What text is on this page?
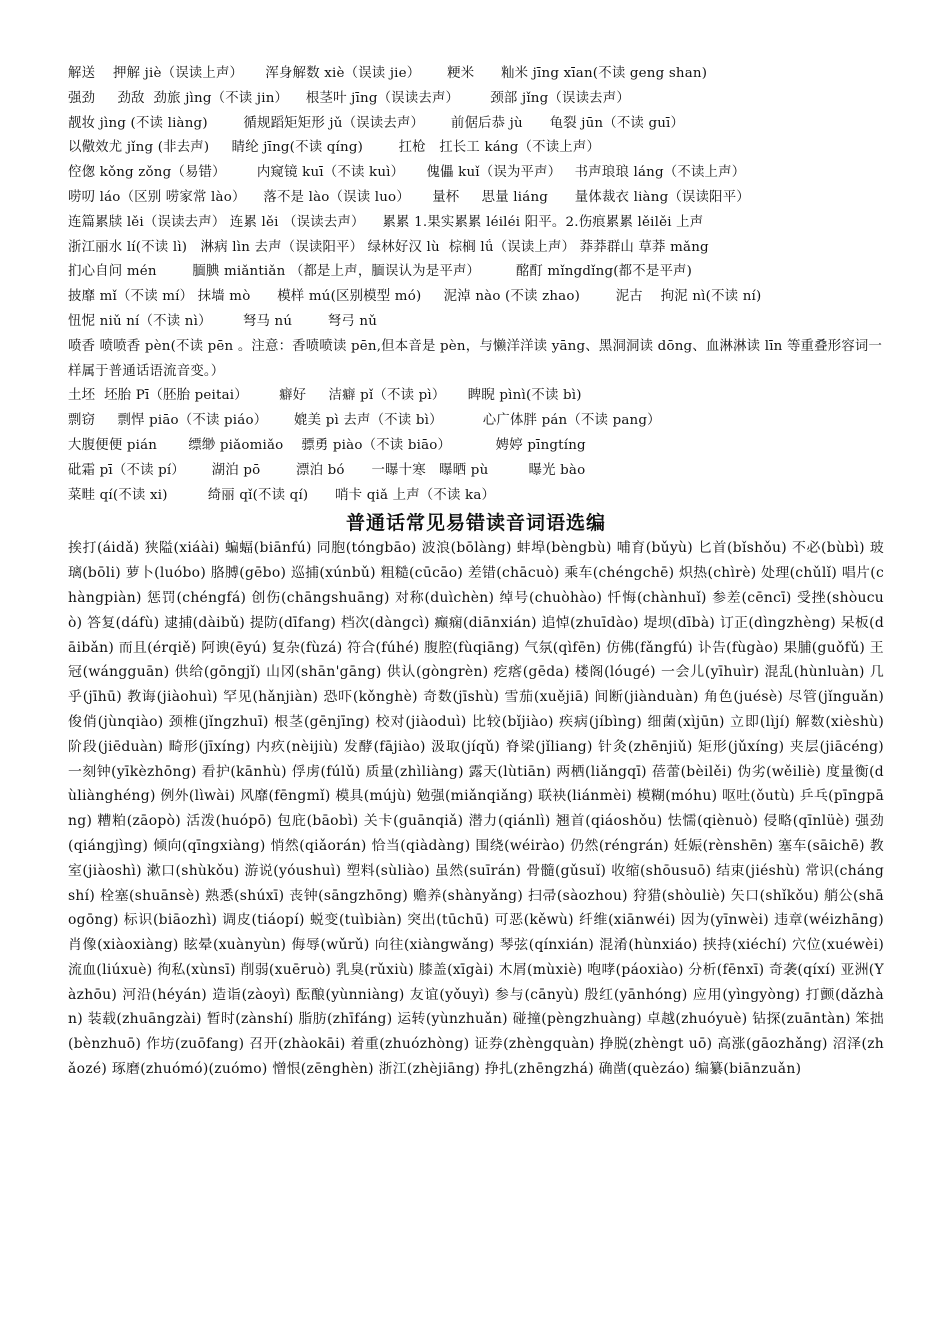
解送    押解 jiè（误读上声）     浑身解数 xiè（误读 jie）      粳米      籼米 jīng xīan(不读 geng shan)

强劲     劲敌  劲旅 jìng（不读 jin）    根茎叶 jīng（误读去声）       颈部 jǐng（误读去声）

靓妆 jìng (不读 liàng)        循规蹈矩矩形 jǔ（误读去声）      前倨后恭 jù      龟裂 jūn（不读 guī）

以儆效尤 jǐng (非去声)     睛纶 jīng(不读 qíng)        扛枪   扛长工 káng（不读上声）

倥偬 kǒng zǒng（易错）       内窥镜 kuī（不读 kuì）     傀儡 kuǐ（误为平声）   书声琅琅 láng（不读上声）

唠叨 láo（区别 唠家常 lào）    落不是 lào（误读 luo）     量杯     思量 liáng      量体裁衣 liàng（误读阳平）

连篇累牍 lěi（误读去声） 连累 lěi （误读去声）    累累 1.果实累累 léiléi 阳平。2.伤痕累累 lěilěi 上声

浙江丽水 lí(不读 lì)   淋病 lìn 去声（误读阳平） 绿林好汉 lù  棕榈 lǘ（误读上声） 莽莽群山 草莽 mǎng

扪心自问 mén        腼腆 miǎntiǎn （都是上声，腼误认为是平声）        酩酊 mǐngdǐng(都不是平声)

披靡 mǐ（不读 mí） 抹墙 mò      模样 mú(区别模型 mó)     泥淖 nào (不读 zhao)        泥古    拘泥 nì(不读 ní)

忸怩 niǔ ní（不读 nì）       弩马 nú        弩弓 nǔ

喷香 喷喷香 pèn(不读 pēn 。注意：香喷喷读 pēn,但本音是 pèn，与懒洋洋读 yāng、黑洞洞读 dōng、血淋淋读 līn 等重叠形容词一样属于普通话语流音变。）

土坯  坯胎 Pī（胚胎 peitai）       癖好     洁癖 pǐ（不读 pì）     睥睨 pìnì(不读 bì)

剽窃     剽悍 piāo（不读 piáo）      媲美 pì 去声（不读 bì）         心广体胖 pán（不读 pang）

大腹便便 pián       缥缈 piǎomiǎo    骠勇 piào（不读 biāo）          娉婷 pīngtíng

砒霜 pī（不读 pí）      湖泊 pō        漂泊 bó      一曝十寒   曝晒 pù         曝光 bào

菜畦 qí(不读 xi)         绮丽 qǐ(不读 qí)      哨卡 qiǎ 上声（不读 ka）

普通话常见易错读音词语选编

挨打(áidǎ) 狭隘(xiáài) 蝙蝠(biānfú) 同胞(tóngbāo) 波浪(bōlàng) 蚌埠(bèngbù) 哺育(bǔyù) 匕首(bǐshǒu) 不必(bùbì) 玻璃(bōli) 萝卜(luóbo) 胳膊(gēbo) 巡捕(xúnbǔ) 粗糙(cūcāo) 差错(chācuò) 乘车(chéngchē) 炽热(chìrè) 处理(chǔlǐ) 唱片(chàngpiàn) 惩罚(chéngfá) 创伤(chāngshuāng) 对称(duìchèn) 绰号(chuòhào) 忏悔(chànhuǐ) 参差(cēncī) 受挫(shòucuò) 答复(dáfù) 逮捕(dàibǔ) 提防(dīfang) 档次(dàngcì) 癫痫(diānxián) 追悼(zhuīdào) 堤坝(dībà) 订正(dìngzhèng) 呆板(dāibǎn) 而且(érqiě) 阿谀(ēyú) 复杂(fùzá) 符合(fúhé) 腹腔(fùqiāng) 气氛(qìfēn) 仿佛(fǎngfú) 讣告(fùgào) 果脯(guǒfǔ) 王冠(wángguān) 供给(gōngjǐ) 山冈(shān'gāng) 供认(gòngrèn) 疙瘩(gēda) 楼阁(lóugé) 一会儿(yīhuìr) 混乱(hùnluàn) 几乎(jīhū) 教诲(jiàohuì) 罕见(hǎnjiàn) 恐吓(kǒnghè) 奇数(jīshù) 雪茄(xuějiā) 间断(jiànduàn) 角色(juésè) 尽管(jǐnguǎn) 俊俏(jùnqiào) 颈椎(jǐngzhuī) 根茎(gēnjīng) 校对(jiàoduì) 比较(bǐjiào) 疾病(jíbìng) 细菌(xìjūn) 立即(lìjí) 解数(xièshù) 阶段(jiēduàn) 畸形(jīxíng) 内疚(nèijiù) 发酵(fājiào) 汲取(jíqǔ) 脊梁(jǐliang) 针灸(zhēnjiǔ) 矩形(jǔxíng) 夹层(jiācéng) 一刻钟(yīkèzhōng) 看护(kānhù) 俘虏(fúlǔ) 质量(zhìliàng) 露天(lùtiān) 两栖(liǎngqī) 蓓蕾(bèilěi) 伪劣(wěiliè) 度量衡(dùliànghéng) 例外(lìwài) 风靡(fēngmǐ) 模具(mújù) 勉强(miǎnqiǎng) 联袂(liánmèi) 模糊(móhu) 呕吐(ǒutù) 乒乓(pīngpāng) 糟粕(zāopò) 活泼(huópō) 包庇(bāobì) 关卡(guānqiǎ) 潜力(qiánlì) 翘首(qiáoshǒu) 怯懦(qiènuò) 侵略(qīnlüè) 强劲(qiángjìng) 倾向(qīngxiàng) 悄然(qiǎorán) 恰当(qiàdàng) 围绕(wéirào) 仍然(réngrán) 妊娠(rènshēn) 塞车(sāichē) 教室(jiàoshì) 漱口(shùkǒu) 游说(yóushuì) 塑料(sùliào) 虽然(suīrán) 骨髓(gǔsuǐ) 收缩(shōusuō) 结束(jiéshù) 常识(chángshí) 栓塞(shuānsè) 熟悉(shúxī) 丧钟(sāngzhōng) 赡养(shànyǎng) 扫帚(sàozhou) 狩猎(shòuliè) 矢口(shǐkǒu) 艄公(shāogōng) 标识(biāozhì) 调皮(tiáopí) 蜕变(tuìbiàn) 突出(tūchū) 可恶(kěwù) 纤维(xiānwéi) 因为(yīnwèi) 违章(wéizhāng) 肖像(xiàoxiàng) 眩晕(xuànyùn) 侮辱(wǔrǔ) 向往(xiàngwǎng) 琴弦(qínxián) 混淆(hùnxiáo) 挟持(xiéchí) 穴位(xuéwèi) 流血(liúxuè) 徇私(xùnsī) 削弱(xuēruò) 乳臭(rǔxiù) 膝盖(xīgài) 木屑(mùxiè) 咆哮(páoxiào) 分析(fēnxī) 奇袭(qíxí) 亚洲(Yàzhōu) 河沿(héyán) 造诣(zàoyì) 酝酿(yùnniàng) 友谊(yǒuyì) 参与(cānyù) 殷红(yānhóng) 应用(yìngyòng) 打颤(dǎzhàn) 装载(zhuāngzài) 暂时(zànshí) 脂肪(zhīfáng) 运转(yùnzhuǎn) 碰撞(pèngzhuàng) 卓越(zhuóyuè) 钻探(zuāntàn) 笨拙(bènzhuō) 作坊(zuōfang) 召开(zhàokāi) 着重(zhuózhòng) 证券(zhèngquàn) 挣脱(zhèngt uō) 高涨(gāozhǎng) 沼泽(zhǎozé) 琢磨(zhuómó)(zuómo) 憎恨(zēnghèn) 浙江(zhèjiāng) 挣扎(zhēngzhá) 确凿(quèzáo) 编纂(biānzuǎn)
